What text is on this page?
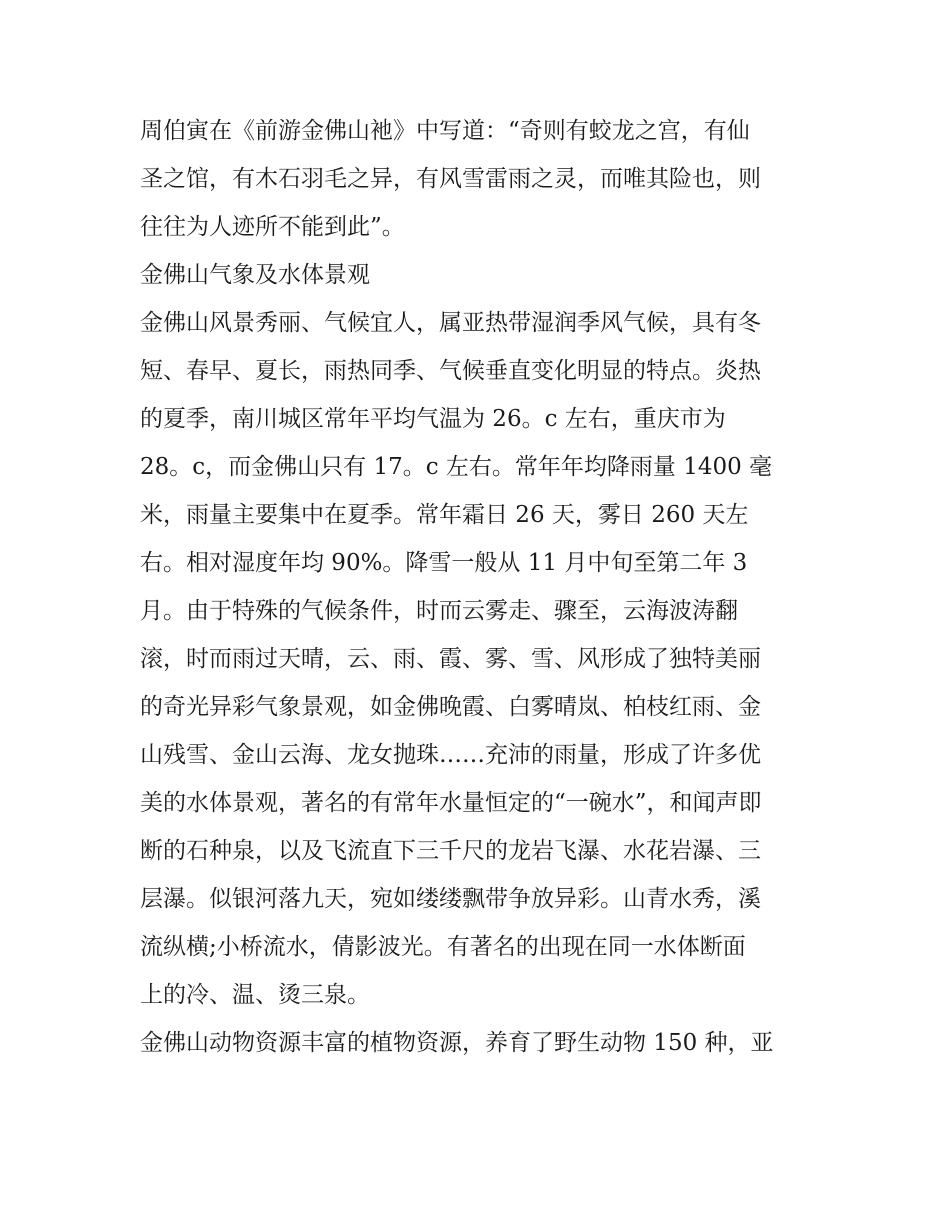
周伯寅在《前游金佛山衪》中写道：“奇则有蛟龙之宫，有仙
圣之馆，有木石羽毛之异，有风雪雷雨之灵，而唯其险也，则
往往为人迹所不能到此”。

金佛山气象及水体景观

金佛山风景秀丽、气候宜人，属亚热带湿润季风气候，具有冬
短、春早、夏长，雨热同季、气候垂直变化明显的特点。炎热
的夏季，南川城区常年平均气温为 26。c 左右，重庆市为
28。c，而金佛山只有 17。c 左右。常年年均降雨量 1400 毫
米，雨量主要集中在夏季。常年霜日 26 天，雾日 260 天左
右。相对湿度年均 90%。降雪一般从 11 月中旬至第二年 3
月。由于特殊的气候条件，时而云雾走、骤至，云海波涛翻
滚，时而雨过天晴，云、雨、霞、雾、雪、风形成了独特美丽
的奇光异彩气象景观，如金佛晚霞、白雾晴岚、柏枝红雨、金
山残雪、金山云海、龙女抛珠……充沛的雨量，形成了许多优
美的水体景观，著名的有常年水量恒定的“一碗水”，和闻声即
断的石种泉，以及飞流直下三千尺的龙岩飞瀑、水花岩瀑、三
层瀑。似银河落九天，宛如缕缕飘带争放异彩。山青水秀，溪
流纵横;小桥流水，倩影波光。有著名的出现在同一水体断面
上的冷、温、烫三泉。

金佛山动物资源丰富的植物资源，养育了野生动物 150 种，亚
